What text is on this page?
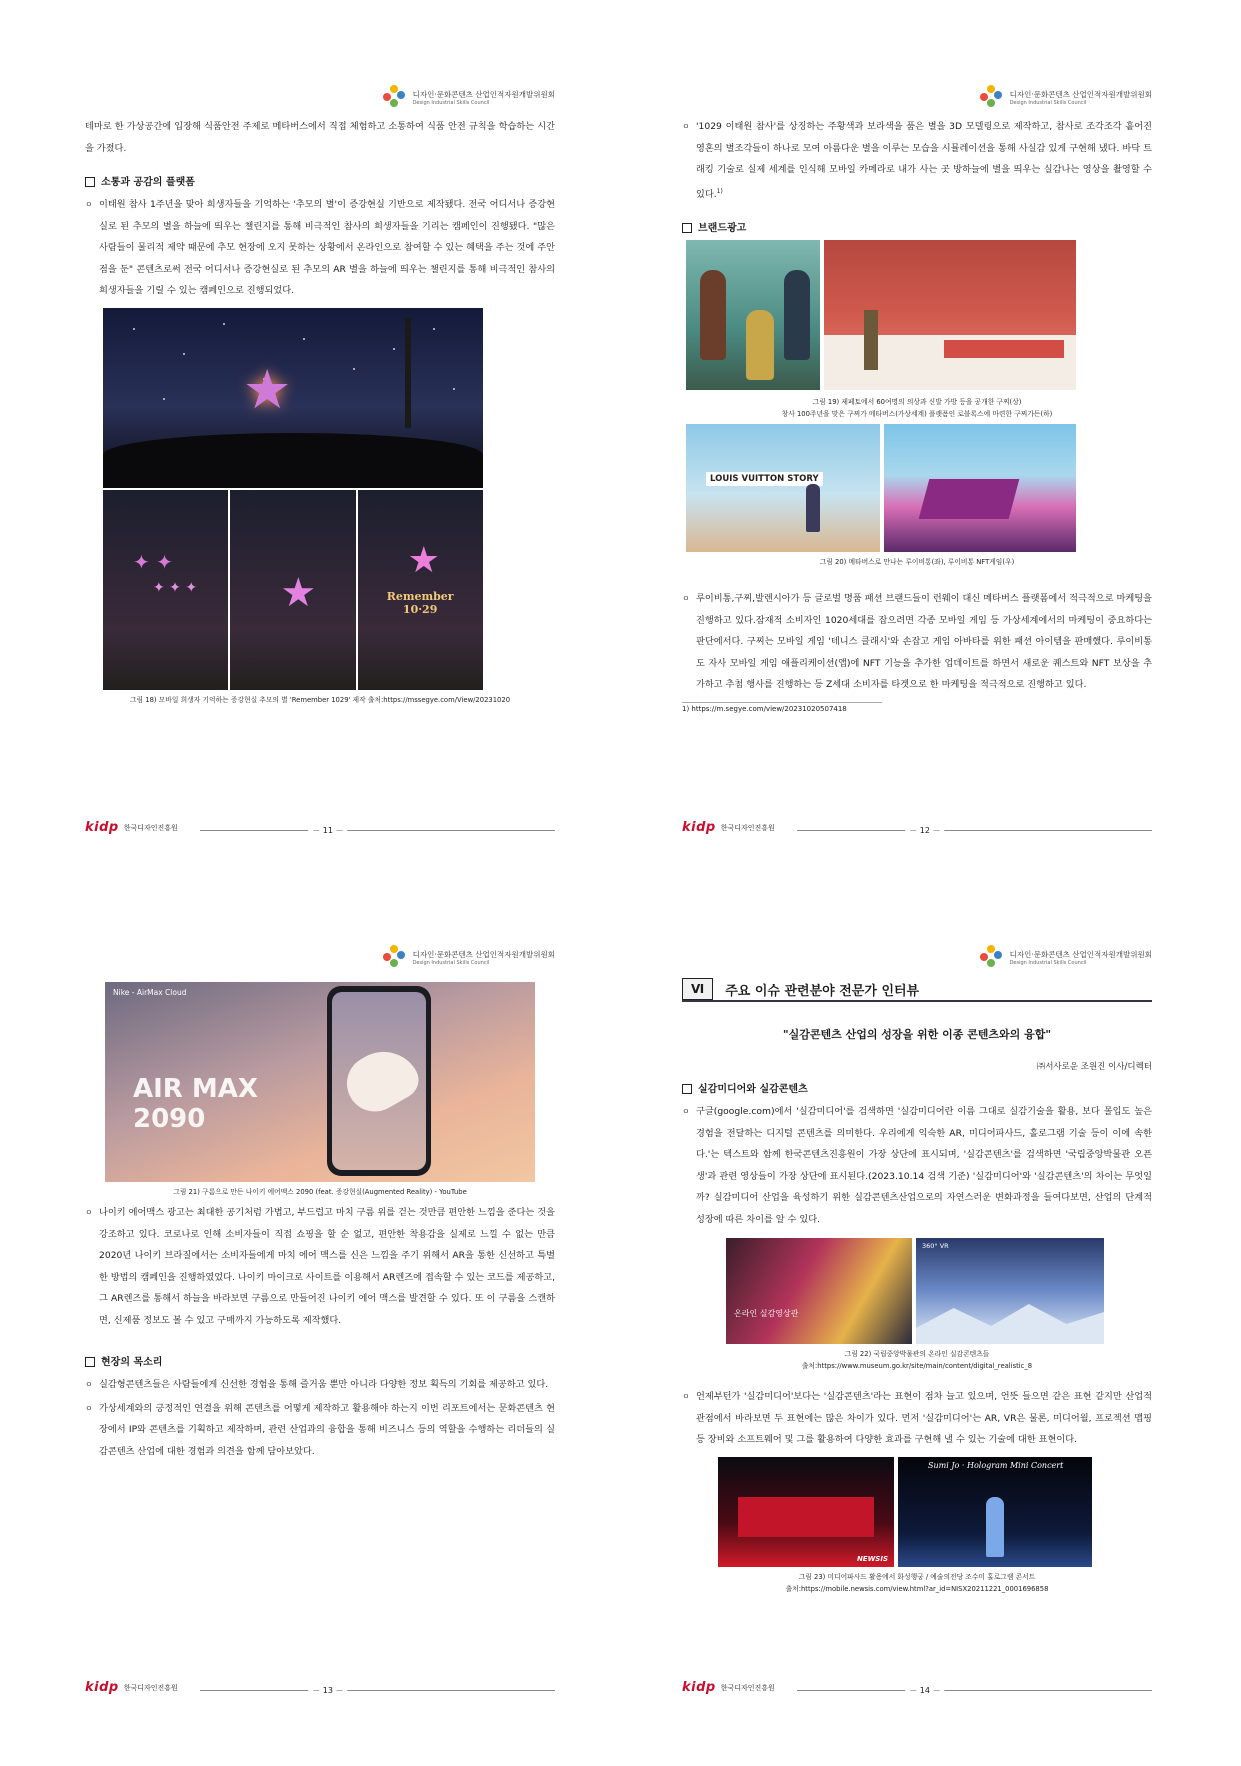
디자인·문화콘텐츠 산업인적자원개발위원회
Design Industrial Skills Council

테마로 한 가상공간에 입장해 식품안전 주제로 메타버스에서 직접 체험하고 소통하여 식품 안전 규칙을 학습하는 시간을 가졌다.

소통과 공감의 플랫폼
ㅇ 이태원 참사 1주년을 맞아 희생자들을 기억하는 '추모의 별'이 증강현실 기반으로 제작됐다. 전국 어디서나 증강현실로 된 추모의 별을 하늘에 띄우는 챌린지를 통해 비극적인 참사의 희생자들을 기리는 캠페인이 진행됐다. "많은 사람들이 물리적 제약 때문에 추모 현장에 오지 못하는 상황에서 온라인으로 참여할 수 있는 혜택을 주는 것에 주안점을 둔" 콘텐츠로써 전국 어디서나 증강현실로 된 추모의 AR 별을 하늘에 띄우는 챌린지를 통해 비극적인 참사의 희생자들을 기릴 수 있는 캠페인으로 진행되었다.
★
✦ ✦
✦ ✦ ✦ ★
★
Remember 10·29
그림 18) 모바일 희생자 기억하는 증강현실 추모의 별 'Remember 1029' 제작 출처:https://mssegye.com/View/20231020
kidp 한국디자인진흥원	－ 11 －
디자인·문화콘텐츠 산업인적자원개발위원회
Design Industrial Skills Council
ㅇ '1029 이태원 참사'를 상징하는 주황색과 보라색을 품은 별을 3D 모델링으로 제작하고, 참사로 조각조각 흩어진 영혼의 별조각들이 하나로 모여 아름다운 별을 이루는 모습을 시뮬레이션을 통해 사실감 있게 구현해 냈다. 바닥 트래킹 기술로 실제 세계를 인식해 모바일 카메라로 내가 사는 곳 방하늘에 별을 띄우는 실감나는 영상을 촬영할 수 있다.$^{1)}$
브랜드광고
그림 19) 제페토에서 60여명의 의상과 신발 가방 등을 공개한 구찌(상)
창사 100주년을 맞은 구찌가 메타버스(가상세계) 플랫폼인 로블록스에 마련한 구찌가든(하)
LOUIS VUITTON STORY
그림 20) 메타버스로 만나는 루이비통(좌), 루이비통 NFT게임(우)
ㅇ 루이비통,구찌,발렌시아가 등 글로벌 명품 패션 브랜드들이 런웨이 대신 메타버스 플랫폼에서 적극적으로 마케팅을 진행하고 있다.잠재적 소비자인 1020세대를 잡으려면 각종 모바일 게임 등 가상세계에서의 마케팅이 중요하다는 판단에서다. 구찌는 모바일 게임 '테니스 클래시'와 손잡고 게임 아바타를 위한 패션 아이템을 판매했다. 루이비통도 자사 모바일 게임 애플리케이션(앱)에 NFT 기능을 추가한 업데이트를 하면서 새로운 퀘스트와 NFT 보상을 추가하고 추첨 행사를 진행하는 등 Z세대 소비자를 타겟으로 한 마케팅을 적극적으로 진행하고 있다.
1) https://m.segye.com/view/20231020507418
kidp 한국디자인진흥원	－ 12 －
디자인·문화콘텐츠 산업인적자원개발위원회
Design Industrial Skills Council
Nike - AirMax Cloud
AIR MAX
2090
그림 21) 구름으로 만든 나이키 에어맥스 2090 (feat. 증강현실(Augmented Reality) - YouTube
ㅇ 나이키 에어맥스 광고는 최대한 공기처럼 가볍고, 부드럽고 마치 구름 위를 걷는 것만큼 편안한 느낌을 준다는 것을 강조하고 있다. 코로나로 인해 소비자들이 직접 쇼핑을 할 순 없고, 편안한 착용감을 실제로 느낄 수 없는 만큼 2020년 나이키 브라질에서는 소비자들에게 마치 에어 맥스를 신은 느낌을 주기 위해서 AR을 통한 신선하고 특별한 방법의 캠페인을 진행하였었다. 나이키 마이크로 사이트를 이용해서 AR렌즈에 접속할 수 있는 코드를 제공하고, 그 AR렌즈를 통해서 하늘을 바라보면 구름으로 만들어진 나이키 에어 맥스를 발견할 수 있다. 또 이 구름을 스캔하면, 신제품 정보도 볼 수 있고 구매까지 가능하도록 제작했다.
현장의 목소리
ㅇ 실감형콘텐츠들은 사람들에게 신선한 경험을 통해 즐거움 뿐만 아니라 다양한 정보 획득의 기회를 제공하고 있다.
ㅇ 가상세계와의 긍정적인 연결을 위해 콘텐츠를 어떻게 제작하고 활용해야 하는지 이번 리포트에서는 문화콘텐츠 현장에서 IP와 콘텐츠를 기획하고 제작하며, 관련 산업과의 융합을 통해 비즈니스 등의 역할을 수행하는 리더들의 실감콘텐츠 산업에 대한 경험과 의견을 함께 담아보았다.
kidp 한국디자인진흥원	－ 13 －
디자인·문화콘텐츠 산업인적자원개발위원회
Design Industrial Skills Council
Ⅵ	주요 이슈 관련분야 전문가 인터뷰
"실감콘텐츠 산업의 성장을 위한 이종 콘텐츠와의 융합"
㈜서사로운 조원진 이사/디렉터
실감미디어와 실감콘텐츠
ㅇ 구글(google.com)에서 '실감미디어'를 검색하면 '실감미디어란 이름 그대로 실감기술을 활용, 보다 몰입도 높은 경험을 전달하는 디지털 콘텐츠를 의미한다. 우리에게 익숙한 AR, 미디어파사드, 홀로그램 기술 등이 이에 속한다.'는 텍스트와 함께 한국콘텐츠진흥원이 가장 상단에 표시되며, '실감콘텐츠'를 검색하면 '국립중앙박물관 오픈생'과 관련 영상들이 가장 상단에 표시된다.(2023.10.14 검색 기준) '실감미디어'와 '실감콘텐츠'의 차이는 무엇일까? 실감미디어 산업을 육성하기 위한 실감콘텐츠산업으로의 자연스러운 변화과정을 들여다보면, 산업의 단계적 성장에 따른 차이를 알 수 있다.
온라인 실감영상관
360° VR
그림 22) 국립중앙박물관의 온라인 실감콘텐츠들
출처:https://www.museum.go.kr/site/main/content/digital_realistic_8
ㅇ 언제부턴가 '실감미디어'보다는 '실감콘텐츠'라는 표현이 점차 늘고 있으며, 언뜻 들으면 같은 표현 같지만 산업적 관점에서 바라보면 두 표현에는 많은 차이가 있다. 먼저 '실감미디어'는 AR, VR은 물론, 미디어월, 프로젝션 맵핑 등 장비와 소프트웨어 및 그를 활용하여 다양한 효과를 구현해 낼 수 있는 기술에 대한 표현이다.
NEWSIS
Sumi Jo · Hologram Mini Concert
그림 23) 미디어파사드 활용에서 화성행궁 / 예술의전당 조수미 홀로그램 콘서트
출처:https://mobile.newsis.com/view.html?ar_id=NISX20211221_0001696858
kidp 한국디자인진흥원	－ 14 －
